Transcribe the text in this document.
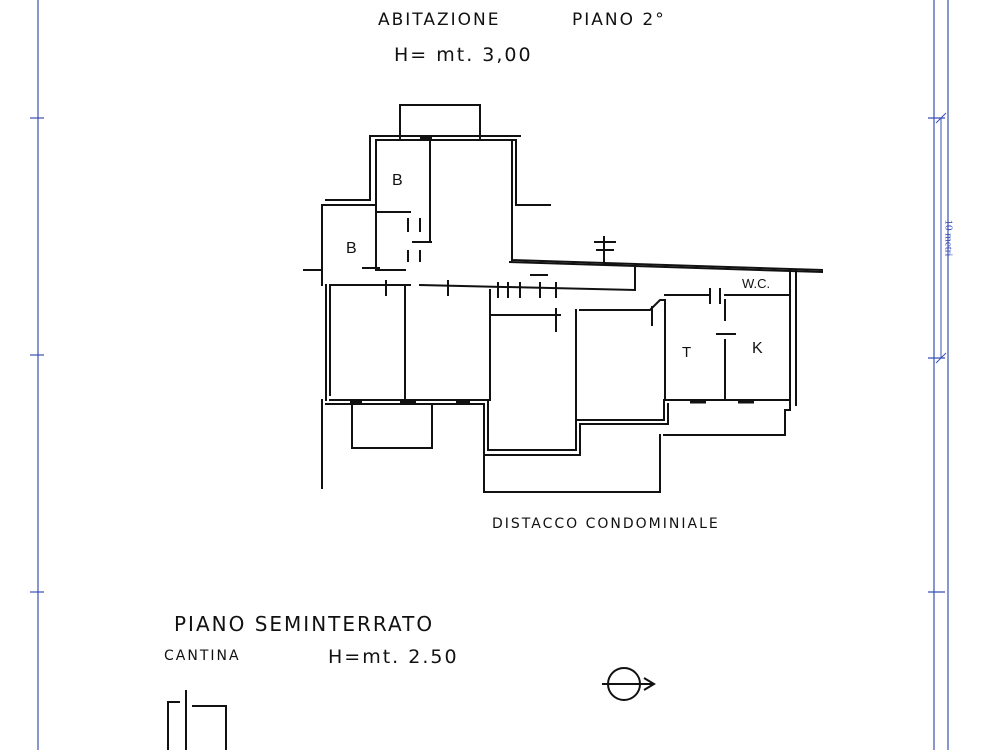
ABITAZIONE	PIANO 2°
H= mt. 3,00
B
B
W.C.
T	K
DISTACCO CONDOMINIALE
PIANO SEMINTERRATO
CANTINA	H=mt. 2.50
10 metri
